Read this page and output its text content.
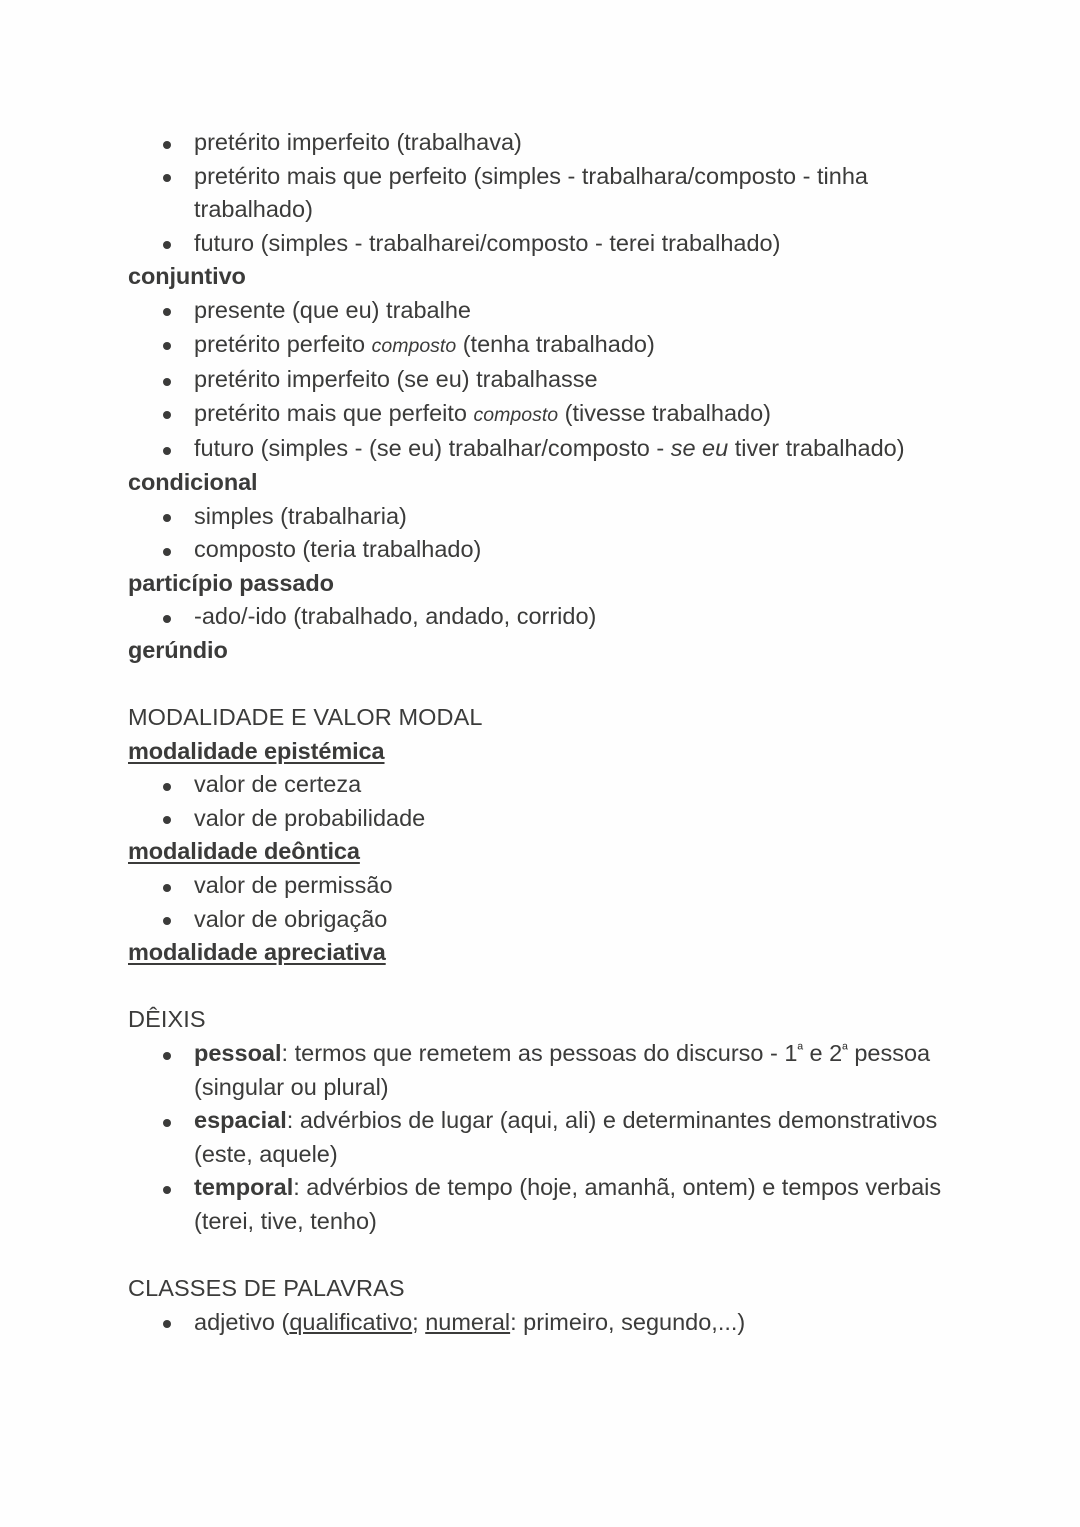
pretérito imperfeito (trabalhava)
pretérito mais que perfeito (simples - trabalhara/composto - tinha trabalhado)
futuro (simples - trabalharei/composto - terei trabalhado)
conjuntivo
presente (que eu) trabalhe
pretérito perfeito composto (tenha trabalhado)
pretérito imperfeito (se eu) trabalhasse
pretérito mais que perfeito composto (tivesse trabalhado)
futuro (simples - (se eu) trabalhar/composto - se eu tiver trabalhado)
condicional
simples (trabalharia)
composto (teria trabalhado)
particípio passado
-ado/-ido (trabalhado, andado, corrido)
gerúndio
MODALIDADE E VALOR MODAL
modalidade epistémica
valor de certeza
valor de probabilidade
modalidade deôntica
valor de permissão
valor de obrigação
modalidade apreciativa
DÊIXIS
pessoal: termos que remetem as pessoas do discurso - $1^ª$ e $2^ª$ pessoa (singular ou plural)
espacial: advérbios de lugar (aqui, ali) e determinantes demonstrativos (este, aquele)
temporal: advérbios de tempo (hoje, amanhã, ontem) e tempos verbais (terei, tive, tenho)
CLASSES DE PALAVRAS
adjetivo (qualificativo; numeral: primeiro, segundo,...)
